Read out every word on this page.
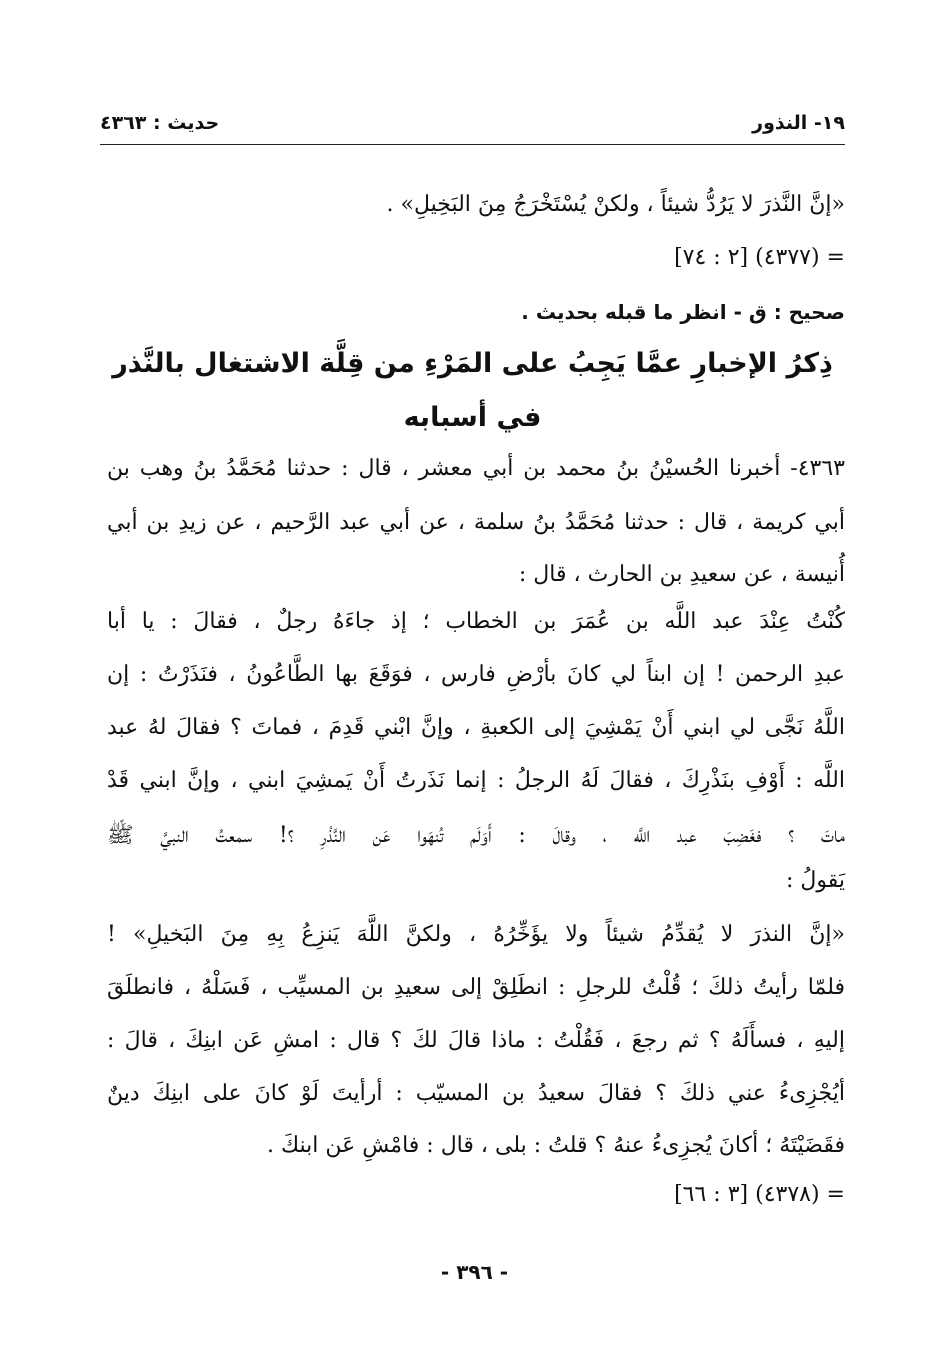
١٩- النذور
حديث : ٤٣٦٣
«إنَّ النَّذرَ لا يَرُدُّ شيئاً ، ولكنْ يُسْتَخْرَجُ مِنَ البَخِيلِ» .
= (٤٣٧٧) [٢ : ٧٤]
صحيح : ق - انظر ما قبله بحديث .
ذِكرُ الإخبارِ عمَّا يَجِبُ على المَرْءِ من قِلَّة الاشتغال بالنَّذر
في أسبابه
٤٣٦٣- أخبرنا الحُسيْنُ بنُ محمد بن أبي معشر ، قال : حدثنا مُحَمَّدُ بنُ وهب بن
أبي كريمة ، قال : حدثنا مُحَمَّدُ بنُ سلمة ، عن أبي عبد الرَّحيم ، عن زيدِ بن أبي
أُنيسة ، عن سعيدِ بن الحارث ، قال :
كُنْتُ عِنْدَ عبد اللَّه بن عُمَرَ بن الخطاب ؛ إذ جاءَهُ رجلٌ ، فقالَ : يا أبا
عبدِ الرحمن ! إن ابناً لي كانَ بأرْضِ فارس ، فوَقَعَ بها الطَّاعُونُ ، فنَذَرْتُ : إن
اللَّهُ نَجَّى لي ابني أَنْ يَمْشِيَ إلى الكعبةِ ، وإنَّ ابْني قَدِمَ ، فماتَ ؟ فقالَ لهُ عبد
اللَّه : أَوْفِ بنَذْرِكَ ، فقالَ لَهُ الرجلُ : إنما نَذَرتُ أَنْ يَمشِيَ ابني ، وإنَّ ابني قَدْ
ماتَ ؟ فغَضِبَ عبد اللَّه ، وقالَ : أَوَلَم تُنهَوا عَن النَّذْرِ ؟! سمعتُ النبيَّ ﷺ
يَقولُ :
«إنَّ النذرَ لا يُقدِّمُ شيئاً ولا يؤَخِّرُهُ ، ولكنَّ اللَّهَ يَنزِعُ بِهِ مِنَ البَخيلِ» !
فلمّا رأيتُ ذلكَ ؛ قُلْتُ للرجلِ : انطَلِقْ إلى سعيدِ بن المسيِّب ، فَسَلْهُ ، فانطلَقَ
إليهِ ، فسأَلَهُ ؟ ثم رجعَ ، فَقُلْتُ : ماذا قالَ لكَ ؟ قال : امشِ عَن ابنِكَ ، قالَ :
أيُجْزِىءُ عني ذلكَ ؟ فقالَ سعيدُ بن المسيّب : أرأيتَ لَوْ كانَ على ابنِكَ دينٌ
فقَضَيْتَهُ ؛ أكانَ يُجزِىءُ عنهُ ؟ قلتُ : بلى ، قال : فامْشِ عَن ابنكَ .
= (٤٣٧٨) [٣ : ٦٦]
- ٣٩٦ -
